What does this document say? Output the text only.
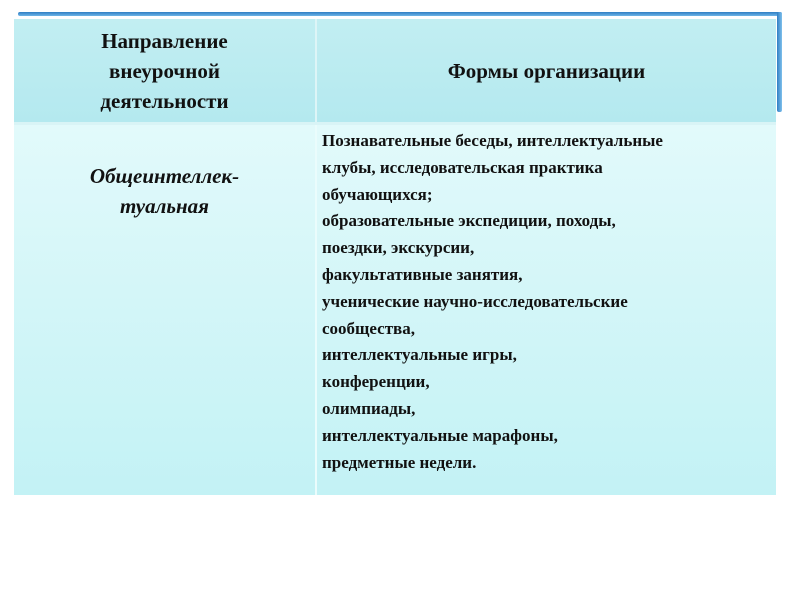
Направление
внеурочной
деятельности
Формы организации
Общеинтеллек-
туальная
Познавательные беседы, интеллектуальные
клубы, исследовательская практика
обучающихся;
образовательные экспедиции, походы,
поездки, экскурсии,
факультативные занятия,
ученические научно-исследовательские
сообщества,
интеллектуальные игры,
конференции,
олимпиады,
интеллектуальные марафоны,
предметные недели.
